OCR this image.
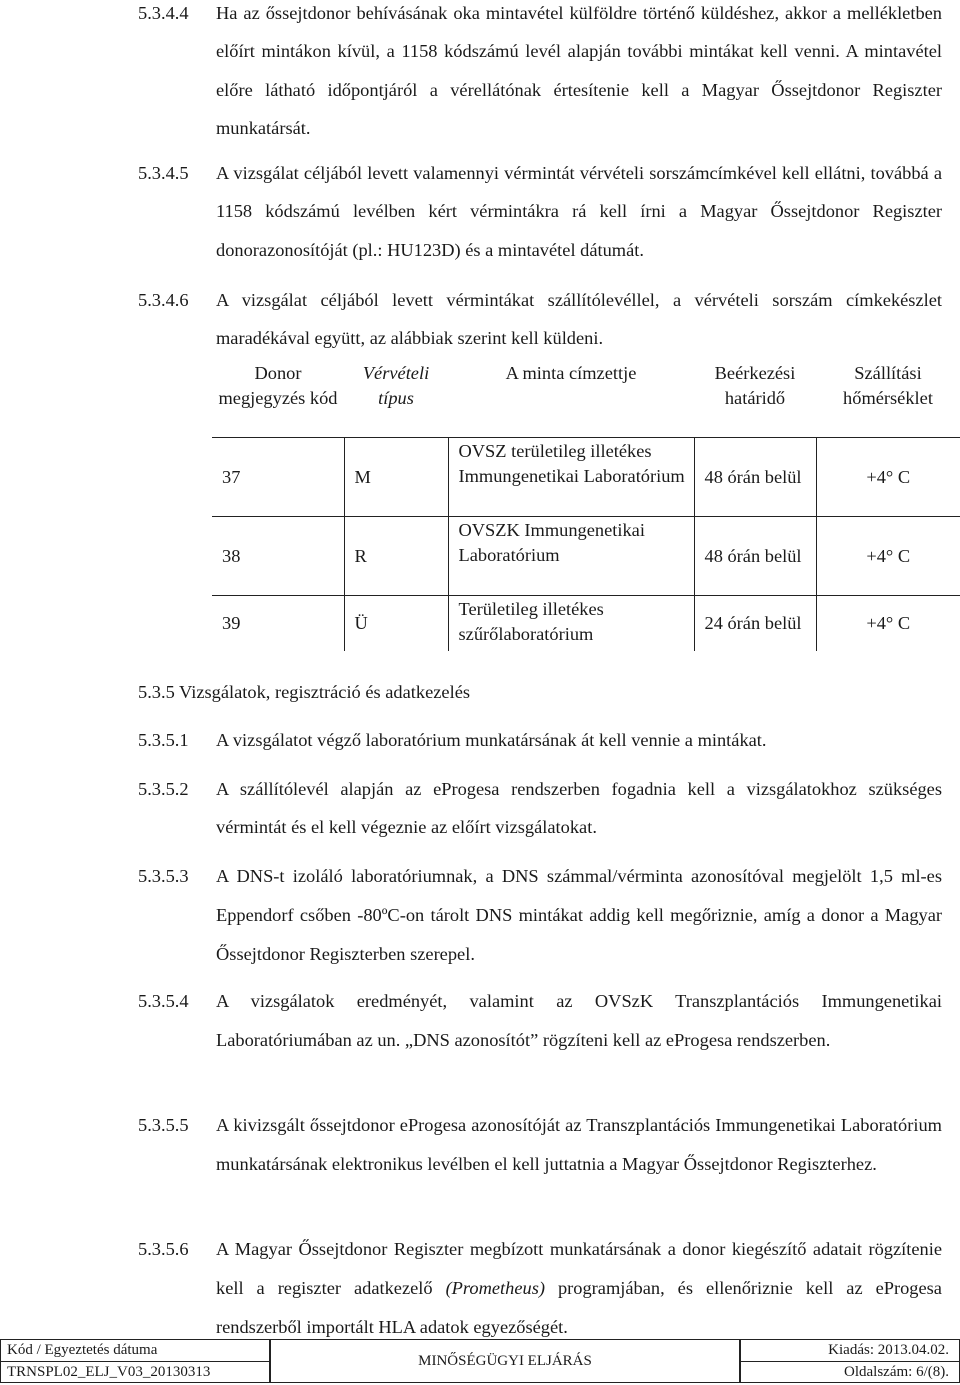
5.3.4.4 Ha az őssejtdonor behívásának oka mintavétel külföldre történő küldéshez, akkor a mellékletben előírt mintákon kívül, a 1158 kódszámú levél alapján további mintákat kell venni. A mintavétel előre látható időpontjáról a vérellátónak értesítenie kell a Magyar Őssejtdonor Regiszter munkatársát.
5.3.4.5 A vizsgálat céljából levett valamennyi vérmintát vérvételi sorszámcímkével kell ellátni, továbbá a 1158 kódszámú levélben kért vérmintákra rá kell írni a Magyar Őssejtdonor Regiszter donorazonosítóját (pl.: HU123D) és a mintavétel dátumát.
5.3.4.6 A vizsgálat céljából levett vérmintákat szállítólevéllel, a vérvételi sorszám címkekészlet maradékával együtt, az alábbiak szerint kell küldeni.
Donor megjegyzés kód	Vérvételi típus	A minta címzettje	Beérkezési határidő	Szállítási hőmérséklet
37	M	OVSZ területileg illetékes Immungenetikai Laboratórium	48 órán belül	+4° C
38	R	OVSZK Immungenetikai Laboratórium	48 órán belül	+4° C
39	Ü	Területileg illetékes szűrőlaboratórium	24 órán belül	+4° C
5.3.5 Vizsgálatok, regisztráció és adatkezelés
5.3.5.1 A vizsgálatot végző laboratórium munkatársának át kell vennie a mintákat.
5.3.5.2 A szállítólevél alapján az eProgesa rendszerben fogadnia kell a vizsgálatokhoz szükséges vérmintát és el kell végeznie az előírt vizsgálatokat.
5.3.5.3 A DNS-t izoláló laboratóriumnak, a DNS számmal/vérminta azonosítóval megjelölt 1,5 ml-es Eppendorf csőben -80ºC-on tárolt DNS mintákat addig kell megőriznie, amíg a donor a Magyar Őssejtdonor Regiszterben szerepel.
5.3.5.4 A vizsgálatok eredményét, valamint az OVSzK Transzplantációs Immungenetikai Laboratóriumában az un. „DNS azonosítót” rögzíteni kell az eProgesa rendszerben.
5.3.5.5 A kivizsgált őssejtdonor eProgesa azonosítóját az Transzplantációs Immungenetikai Laboratórium munkatársának elektronikus levélben el kell juttatnia a Magyar Őssejtdonor Regiszterhez.
5.3.5.6 A Magyar Őssejtdonor Regiszter megbízott munkatársának a donor kiegészítő adatait rögzítenie kell a regiszter adatkezelő (Prometheus) programjában, és ellenőriznie kell az eProgesa rendszerből importált HLA adatok egyezőségét.
Kód / Egyeztetés dátuma
TRNSPL02_ELJ_V03_20130313
MINŐSÉGÜGYI ELJÁRÁS
Kiadás: 2013.04.02.
Oldalszám: 6/(8).
